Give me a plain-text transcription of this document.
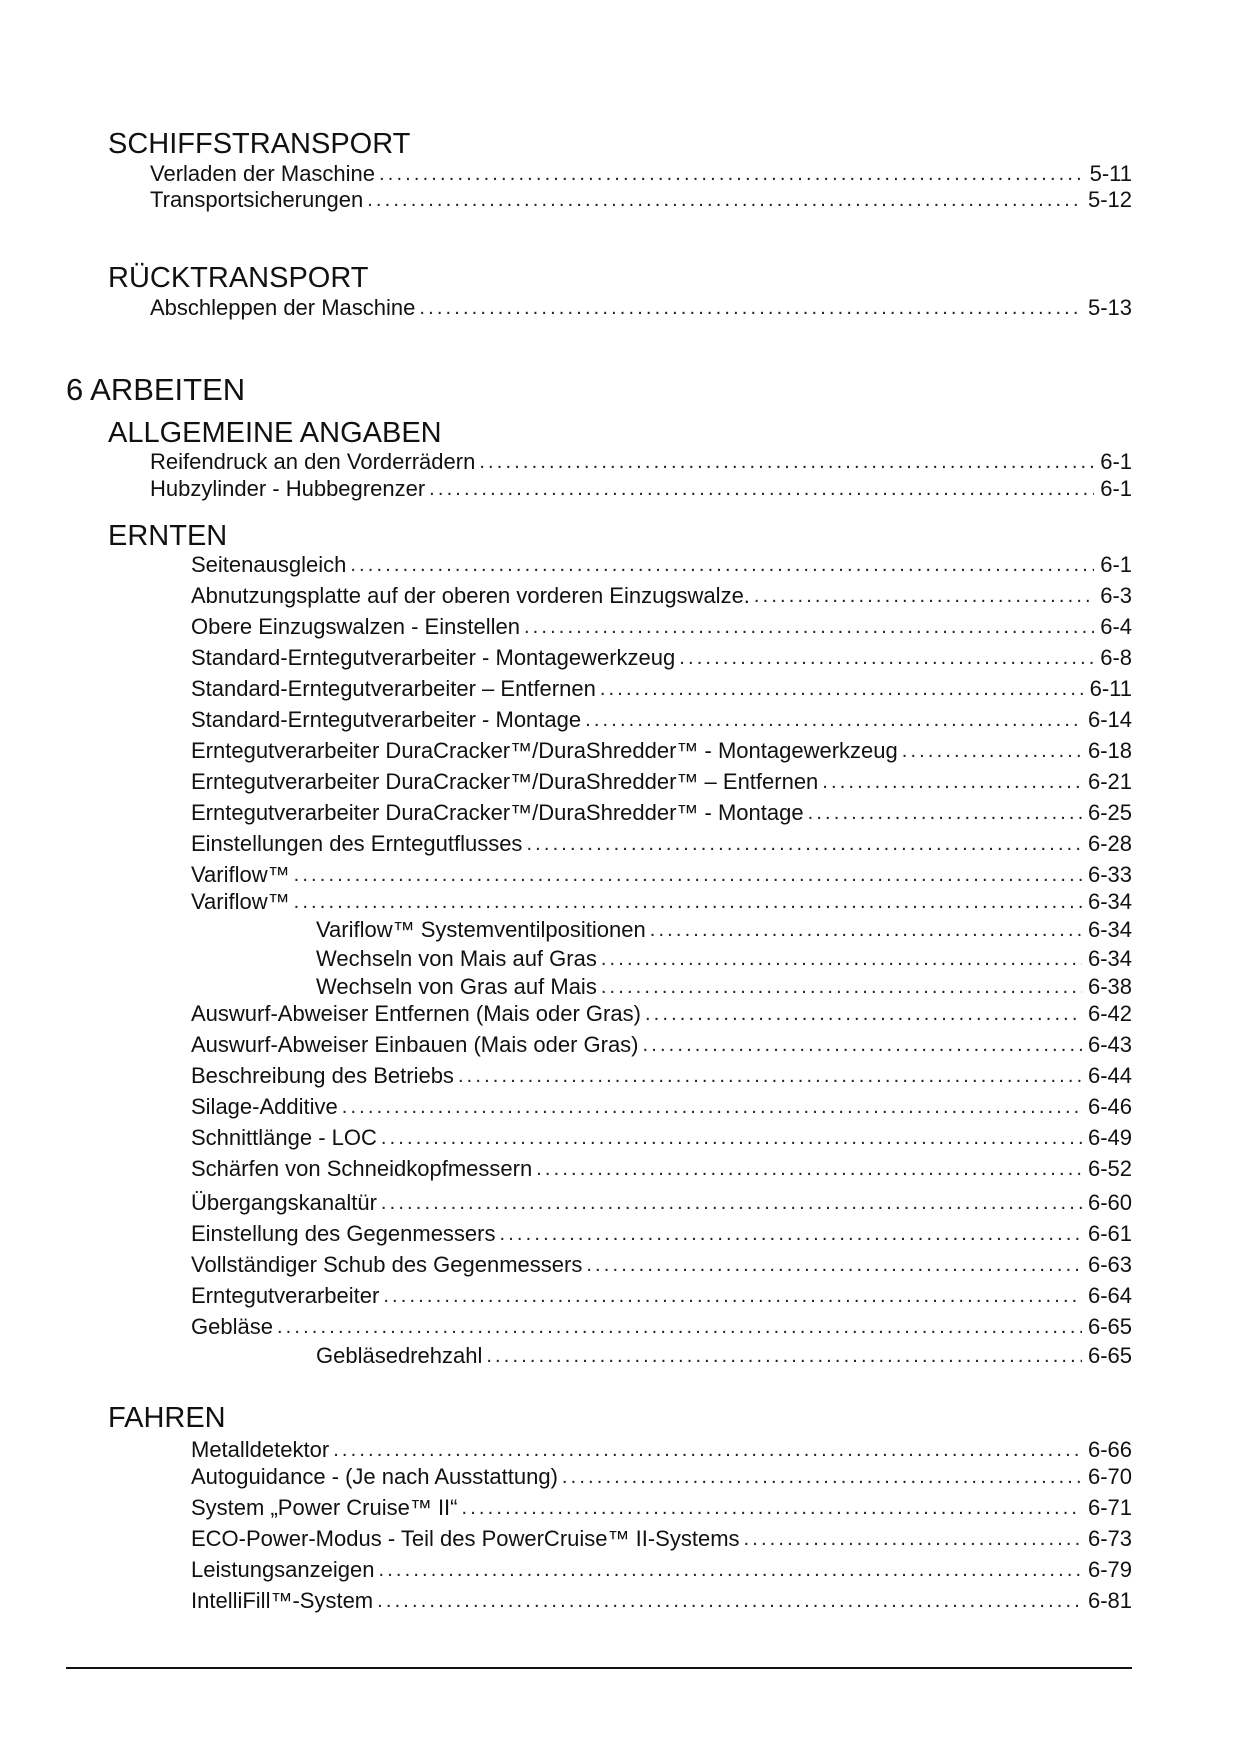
SCHIFFSTRANSPORT
Verladen der Maschine . . .	5-11
Transportsicherungen . . .	5-12
RÜCKTRANSPORT
Abschleppen der Maschine . . .	5-13
6 ARBEITEN
ALLGEMEINE ANGABEN
Reifendruck an den Vorderrädern . . .	6-1
Hubzylinder - Hubbegrenzer . . .	6-1
ERNTEN
Seitenausgleich . . .	6-1
Abnutzungsplatte auf der oberen vorderen Einzugswalze. . . .	6-3
Obere Einzugswalzen - Einstellen . . .	6-4
Standard-Erntegutverarbeiter - Montagewerkzeug . . .	6-8
Standard-Erntegutverarbeiter – Entfernen . . .	6-11
Standard-Erntegutverarbeiter - Montage . . .	6-14
Erntegutverarbeiter DuraCracker™/DuraShredder™ - Montagewerkzeug . . .	6-18
Erntegutverarbeiter DuraCracker™/DuraShredder™ – Entfernen . . .	6-21
Erntegutverarbeiter DuraCracker™/DuraShredder™ - Montage . . .	6-25
Einstellungen des Erntegutflusses . . .	6-28
Variflow™ . . .	6-33
Variflow™ . . .	6-34
Variflow™ Systemventilpositionen . . .	6-34
Wechseln von Mais auf Gras . . .	6-34
Wechseln von Gras auf Mais . . .	6-38
Auswurf-Abweiser Entfernen (Mais oder Gras) . . .	6-42
Auswurf-Abweiser Einbauen (Mais oder Gras) . . .	6-43
Beschreibung des Betriebs . . .	6-44
Silage-Additive . . .	6-46
Schnittlänge - LOC . . .	6-49
Schärfen von Schneidkopfmessern . . .	6-52
Übergangskanaltür . . .	6-60
Einstellung des Gegenmessers . . .	6-61
Vollständiger Schub des Gegenmessers . . .	6-63
Erntegutverarbeiter . . .	6-64
Gebläse . . .	6-65
Gebläsedrehzahl . . .	6-65
FAHREN
Metalldetektor . . .	6-66
Autoguidance - (Je nach Ausstattung) . . .	6-70
System „Power Cruise™ II“ . . .	6-71
ECO-Power-Modus - Teil des PowerCruise™ II-Systems . . .	6-73
Leistungsanzeigen . . .	6-79
IntelliFill™-System . . .	6-81
